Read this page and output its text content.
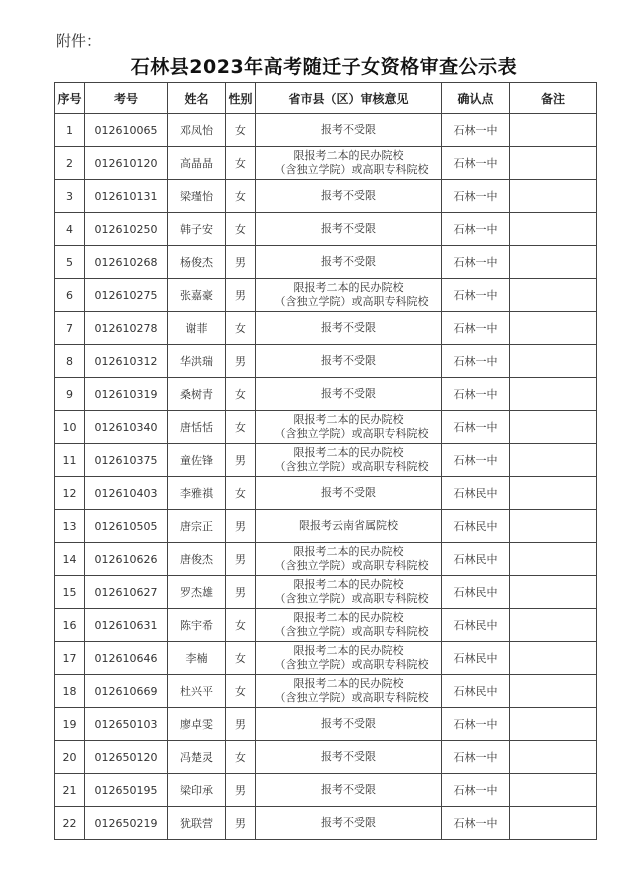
附件：
石林县2023年高考随迁子女资格审查公示表
序号	考号	姓名	性别	省市县（区）审核意见	确认点	备注
1	012610065	邓凤怡	女	报考不受限	石林一中	
2	012610120	高晶晶	女	限报考二本的民办院校
（含独立学院）或高职专科院校	石林一中	
3	012610131	梁瑾怡	女	报考不受限	石林一中	
4	012610250	韩子安	女	报考不受限	石林一中	
5	012610268	杨俊杰	男	报考不受限	石林一中	
6	012610275	张嘉豪	男	限报考二本的民办院校
（含独立学院）或高职专科院校	石林一中	
7	012610278	谢菲	女	报考不受限	石林一中	
8	012610312	华洪瑞	男	报考不受限	石林一中	
9	012610319	桑树青	女	报考不受限	石林一中	
10	012610340	唐恬恬	女	限报考二本的民办院校
（含独立学院）或高职专科院校	石林一中	
11	012610375	童佐锋	男	限报考二本的民办院校
（含独立学院）或高职专科院校	石林一中	
12	012610403	李雅祺	女	报考不受限	石林民中	
13	012610505	唐宗正	男	限报考云南省属院校	石林民中	
14	012610626	唐俊杰	男	限报考二本的民办院校
（含独立学院）或高职专科院校	石林民中	
15	012610627	罗杰雄	男	限报考二本的民办院校
（含独立学院）或高职专科院校	石林民中	
16	012610631	陈宇希	女	限报考二本的民办院校
（含独立学院）或高职专科院校	石林民中	
17	012610646	李楠	女	限报考二本的民办院校
（含独立学院）或高职专科院校	石林民中	
18	012610669	杜兴平	女	限报考二本的民办院校
（含独立学院）或高职专科院校	石林民中	
19	012650103	廖卓雯	男	报考不受限	石林一中	
20	012650120	冯楚灵	女	报考不受限	石林一中	
21	012650195	梁印承	男	报考不受限	石林一中	
22	012650219	犹联营	男	报考不受限	石林一中	
